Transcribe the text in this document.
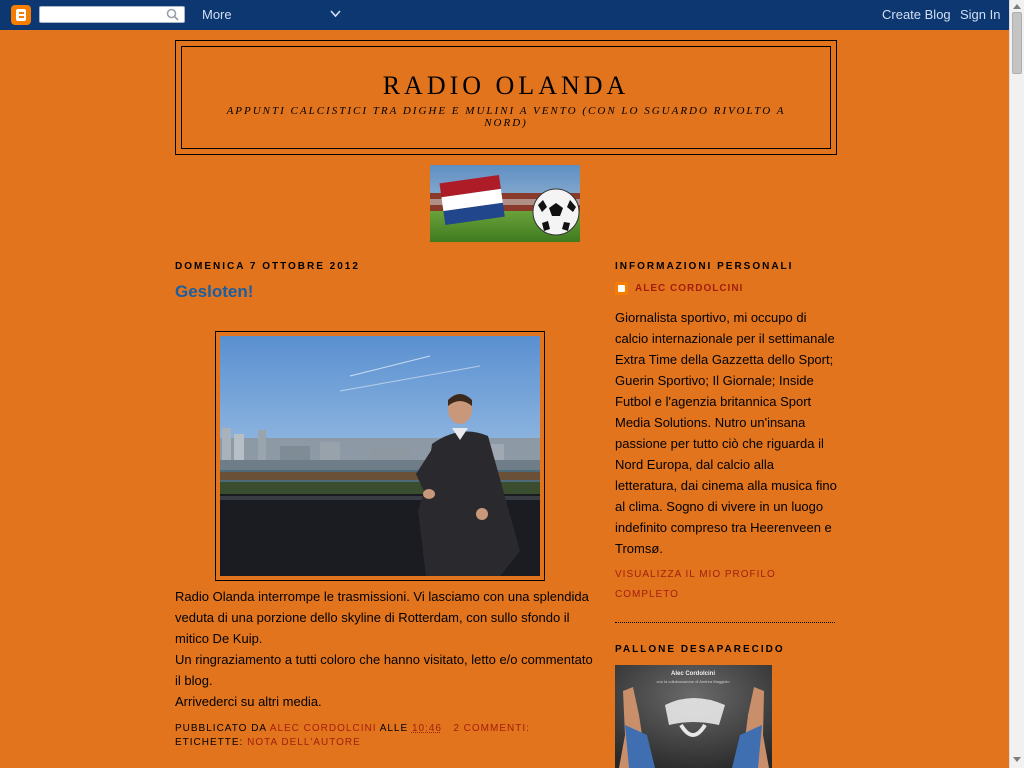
More	Create Blog Sign In
RADIO OLANDA
APPUNTI CALCISTICI TRA DIGHE E MULINI A VENTO (CON LO SGUARDO RIVOLTO A NORD)
DOMENICA 7 OTTOBRE 2012
Gesloten!

Radio Olanda interrompe le trasmissioni. Vi lasciamo con una splendida veduta di una porzione dello skyline di Rotterdam, con sullo sfondo il mitico De Kuip.

Un ringraziamento a tutti coloro che hanno visitato, letto e/o commentato il blog.

Arrivederci su altri media.

PUBBLICATO DA ALEC CORDOLCINI ALLE 10:46 2 COMMENTI:
ETICHETTE: NOTA DELL'AUTORE
INFORMAZIONI PERSONALI
ALEC CORDOLCINI
Giornalista sportivo, mi occupo di calcio internazionale per il settimanale Extra Time della Gazzetta dello Sport; Guerin Sportivo; Il Giornale; Inside Futbol e l'agenzia britannica Sport Media Solutions. Nutro un'insana passione per tutto ciò che riguarda il Nord Europa, dal calcio alla letteratura, dai cinema alla musica fino al clima. Sogno di vivere in un luogo indefinito compreso tra Heerenveen e Tromsø.
VISUALIZZA IL MIO PROFILO COMPLETO
PALLONE DESAPARECIDO
Alec Cordolcini
con la collaborazione di Andrea Maggiolo
